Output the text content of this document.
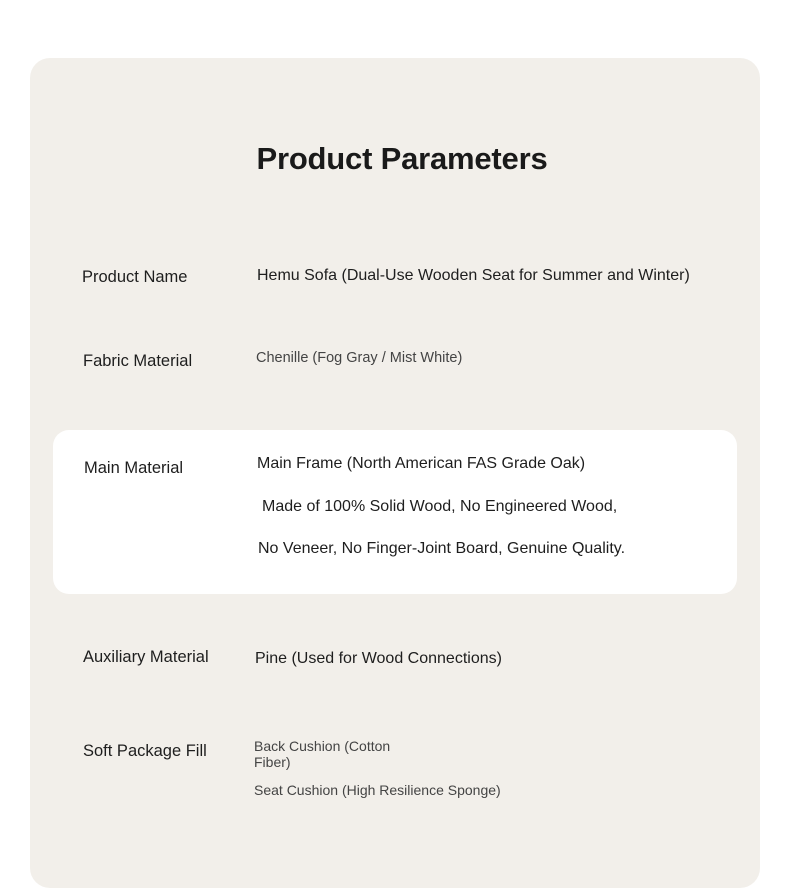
Product Parameters
Product Name	Hemu Sofa (Dual-Use Wooden Seat for Summer and Winter)
Fabric Material	Chenille (Fog Gray / Mist White)
Main Material	Main Frame (North American FAS Grade Oak)
Made of 100% Solid Wood, No Engineered Wood,
No Veneer, No Finger-Joint Board, Genuine Quality.
Auxiliary Material	Pine (Used for Wood Connections)
Soft Package Fill	Back Cushion (Cotton
Fiber)
Seat Cushion (High Resilience Sponge)
